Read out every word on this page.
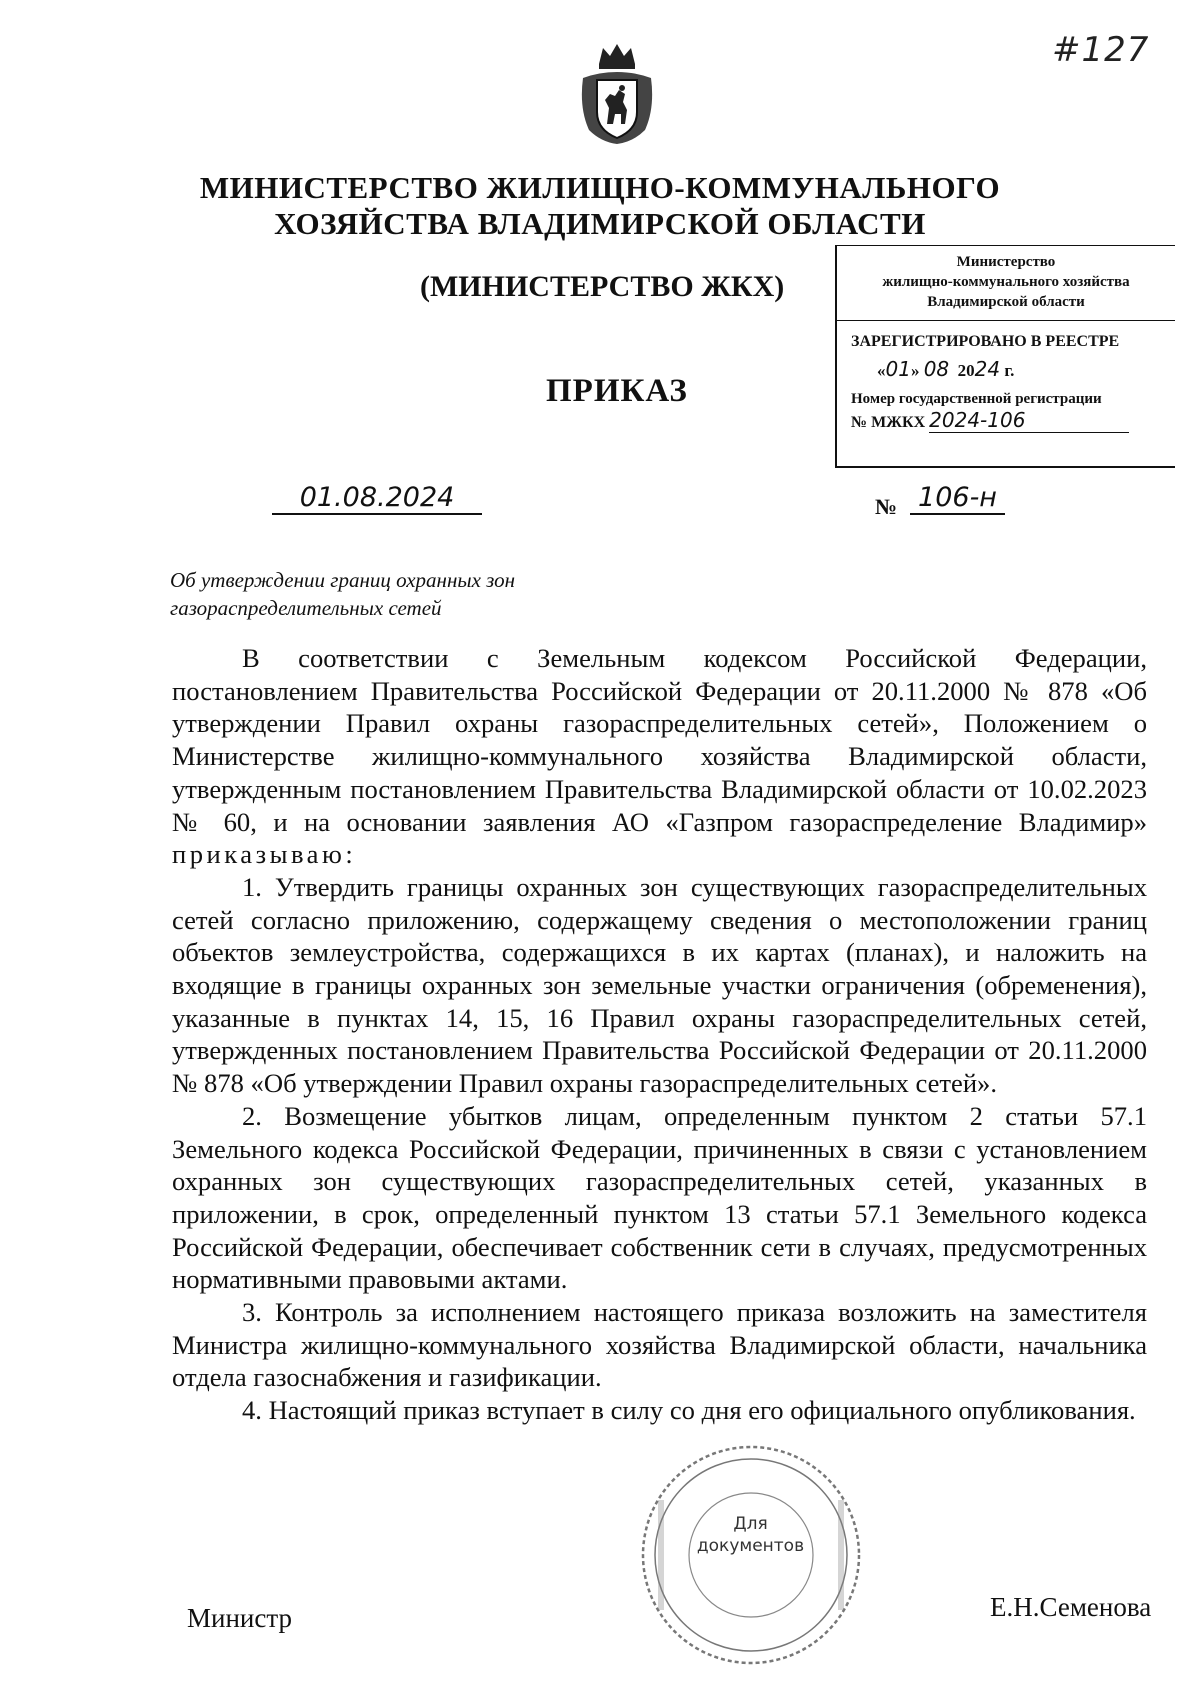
#127
МИНИСТЕРСТВО ЖИЛИЩНО-КОММУНАЛЬНОГО
ХОЗЯЙСТВА ВЛАДИМИРСКОЙ ОБЛАСТИ
(МИНИСТЕРСТВО ЖКХ)
Министерство
жилищно-коммунального хозяйства
Владимирской области
ЗАРЕГИСТРИРОВАНО В РЕЕСТРЕ
«01» 08 2024 г.
Номер государственной регистрации
№ МЖКХ 2024-106
ПРИКАЗ
01.08.2024	№ 106-н
Об утверждении границ охранных зон
газораспределительных сетей

В соответствии с Земельным кодексом Российской Федерации, постановлением Правительства Российской Федерации от 20.11.2000 № 878 «Об утверждении Правил охраны газораспределительных сетей», Положением о Министерстве жилищно-коммунального хозяйства Владимирской области, утвержденным постановлением Правительства Владимирской области от 10.02.2023 № 60, и на основании заявления АО «Газпром газораспределение Владимир» приказываю:

1. Утвердить границы охранных зон существующих газораспределительных сетей согласно приложению, содержащему сведения о местоположении границ объектов землеустройства, содержащихся в их картах (планах), и наложить на входящие в границы охранных зон земельные участки ограничения (обременения), указанные в пунктах 14, 15, 16 Правил охраны газораспределительных сетей, утвержденных постановлением Правительства Российской Федерации от 20.11.2000 № 878 «Об утверждении Правил охраны газораспределительных сетей».

2. Возмещение убытков лицам, определенным пунктом 2 статьи 57.1 Земельного кодекса Российской Федерации, причиненных в связи с установлением охранных зон существующих газораспределительных сетей, указанных в приложении, в срок, определенный пунктом 13 статьи 57.1 Земельного кодекса Российской Федерации, обеспечивает собственник сети в случаях, предусмотренных нормативными правовыми актами.

3. Контроль за исполнением настоящего приказа возложить на заместителя Министра жилищно-коммунального хозяйства Владимирской области, начальника отдела газоснабжения и газификации.

4. Настоящий приказ вступает в силу со дня его официального опубликования.

Для
документов
Министр	Е.Н.Семенова
